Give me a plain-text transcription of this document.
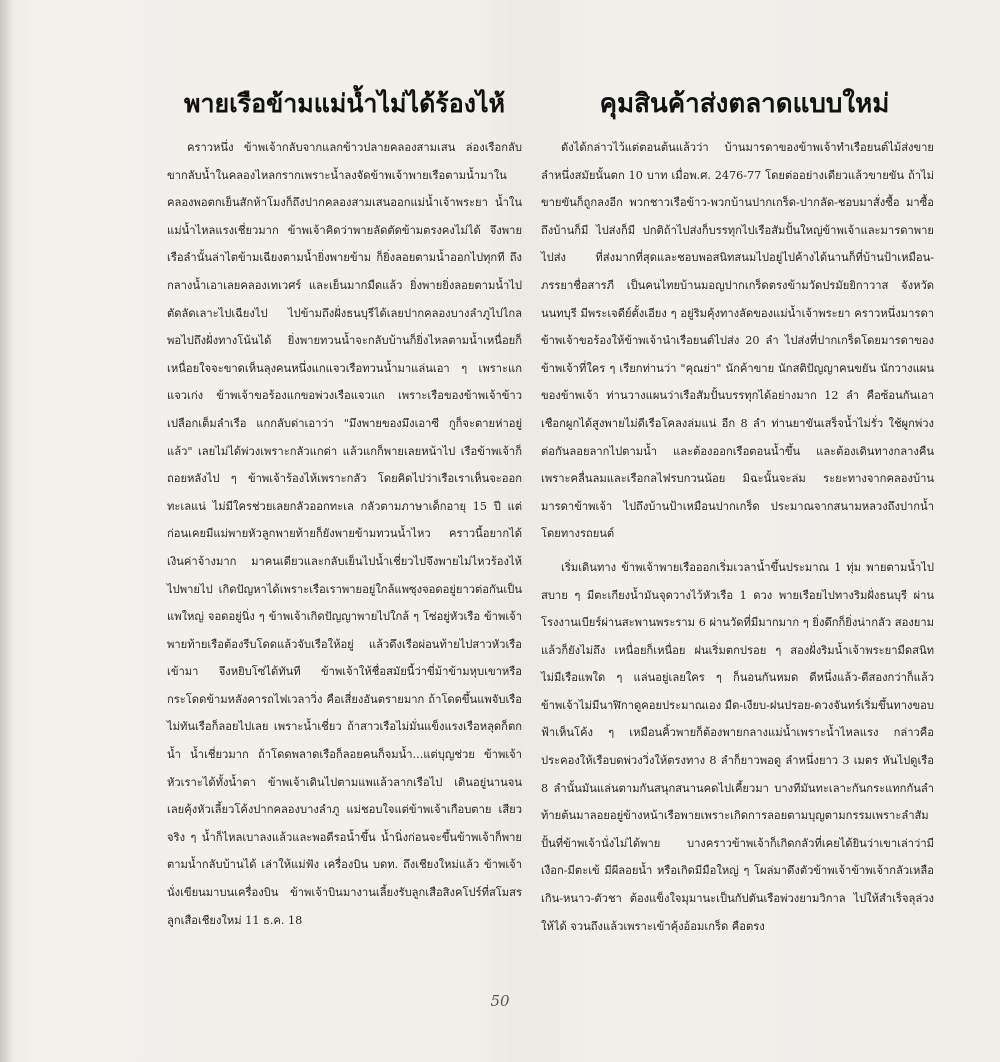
พายเรือข้ามแม่น้ำไม่ได้ร้องไห้

คราวหนึ่ง ข้าพเจ้ากลับจากแลกข้าวปลายคลองสามเสน ล่องเรือกลับขากลับน้ำในคลองไหลกรากเพราะน้ำลงจัดข้าพเจ้าพายเรือตามน้ำมาในคลองพอตกเย็นสักห้าโมงก็ถึงปากคลองสามเสนออกแม่น้ำเจ้าพระยา น้ำในแม่น้ำไหลแรงเชี่ยวมาก ข้าพเจ้าคิดว่าพายลัดตัดข้ามตรงคงไม่ได้ จึงพายเรือลำนั้นล่าไตข้ามเฉียงตามน้ำยิ่งพายข้าม ก็ยิ่งลอยตามน้ำออกไปทุกที ถึงกลางน้ำเอาเลยคลองเทเวศร์ และเย็นมากมืดแล้ว ยิ่งพายยิ่งลอยตามน้ำไปตัดลัดเลาะไปเฉียงไป ไปข้ามถึงฝั่งธนบุรีได้เลยปากคลองบางลำภูไปไกล พอไปถึงฝั่งทางโน้นได้ ยิ่งพายทวนน้ำจะกลับบ้านก็ยิ่งไหลตามน้ำเหนื่อยก็เหนื่อยใจจะขาดเห็นลุงคนหนึ่งแกแจวเรือทวนน้ำมาแล่นเอา ๆ เพราะแกแจวเก่ง ข้าพเจ้าขอร้องแกขอพ่วงเรือแจวแก เพราะเรือของข้าพเจ้าข้าวเปลือกเต็มลำเรือ แกกลับด่าเอาว่า "มึงพายของมึงเอาซี กูก็จะตายห่าอยู่แล้ว" เลยไม่ได้พ่วงเพราะกลัวแกด่า แล้วแกก็พายเลยหน้าไป เรือข้าพเจ้าก็ถอยหลังไป ๆ ข้าพเจ้าร้องไห้เพราะกลัว โดยคิดไปว่าเรือเราเห็นจะออกทะเลแน่ ไม่มีใครช่วยเลยกลัวออกทะเล กลัวตามภาษาเด็กอายุ 15 ปี แต่ก่อนเคยมีแม่พายหัวลูกพายท้ายก็ยังพายข้ามทวนน้ำไหว คราวนี้อยากได้เงินค่าจ้างมาก มาคนเดียวและกลับเย็นไปน้ำเชี่ยวไปจึงพายไม่ไหวร้องไห้ไปพายไป เกิดปัญหาได้เพราะเรือเราพายอยู่ใกล้แพซุงจอดอยู่ยาวต่อกันเป็นแพใหญ่ จอดอยู่นิ่ง ๆ ข้าพเจ้าเกิดปัญญาพายไปใกล้ ๆ โซ่อยู่หัวเรือ ข้าพเจ้าพายท้ายเรือต้องรีบโดดแล้วจับเรือให้อยู่ แล้วดึงเรือผ่อนท้ายไปสาวหัวเรือเข้ามา จึงหยิบโซ่ได้ทันที ข้าพเจ้าให้ชื่อสมัยนี้ว่าขี่ม้าข้ามหุบเขาหรือกระโดดข้ามหลังคารถไฟเวลาวิ่ง คือเสี่ยงอันตรายมาก ถ้าโดดขึ้นแพจับเรือไม่ทันเรือก็ลอยไปเลย เพราะน้ำเชี่ยว ถ้าสาวเรือไม่มั่นแข็งแรงเรือหลุดก็ตกน้ำ น้ำเชี่ยวมาก ถ้าโดดพลาดเรือก็ลอยคนก็จมน้ำ...แต่บุญช่วย ข้าพเจ้าหัวเราะได้ทั้งน้ำตา ข้าพเจ้าเดินไปตามแพแล้วลากเรือไป เดินอยู่นานจนเลยคุ้งหัวเลี้ยวโค้งปากคลองบางลำภู แม่ชอบใจแต่ข้าพเจ้าเกือบตาย เสียวจริง ๆ น้ำก็ไหลเบาลงแล้วและพอดีรอน้ำขึ้น น้ำนิ่งก่อนจะขึ้นข้าพเจ้าก็พายตามน้ำกลับบ้านได้ เล่าให้แม่ฟัง เครื่องบิน บดท. ถึงเชียงใหม่แล้ว ข้าพเจ้านั่งเขียนมาบนเครื่องบิน ข้าพเจ้าบินมางานเลี้ยงรับลูกเสือสิงคโปร์ที่สโมสรลูกเสือเชียงใหม่ 11 ธ.ค. 18

คุมสินค้าส่งตลาดแบบใหม่

ดังได้กล่าวไว้แต่ตอนต้นแล้วว่า บ้านมารดาของข้าพเจ้าทำเรือยนต์ไม้ส่งขาย ลำหนึ่งสมัยนั้นตก 10 บาท เมื่อพ.ศ. 2476-77 โดยต่ออย่างเดียวแล้วขายขัน ถ้าไม่ขายขันก็ถูกลงอีก พวกชาวเรือข้าว-พวกบ้านปากเกร็ด-ปากลัด-ชอบมาสั่งซื้อ มาซื้อถึงบ้านก็มี ไปส่งก็มี ปกติถ้าไปส่งก็บรรทุกไปเรือสัมปั้นใหญ่ข้าพเจ้าและมารดาพายไปส่ง ที่ส่งมากที่สุดและชอบพอสนิทสนมไปอยู่ไปค้างได้นานก็ที่บ้านป้าเหมือน-ภรรยาชื่อสารภี เป็นคนไทยบ้านมอญปากเกร็ดตรงข้ามวัดปรมัยยิกาวาส จังหวัดนนทบุรี มีพระเจดีย์ตั้งเอียง ๆ อยู่ริมคุ้งทางลัดของแม่น้ำเจ้าพระยา คราวหนึ่งมารดาข้าพเจ้าขอร้องให้ข้าพเจ้านำเรือยนต์ไปส่ง 20 ลำ ไปส่งที่ปากเกร็ดโดยมารดาของข้าพเจ้าที่ใคร ๆ เรียกท่านว่า "คุณย่า" นักค้าขาย นักสติปัญญาคนขยัน นักวางแผนของข้าพเจ้า ท่านวางแผนว่าเรือสัมปั้นบรรทุกได้อย่างมาก 12 ลำ คือซ้อนกันเอาเชือกผูกได้สูงพายไม่ดีเรือโคลงล่มแน่ อีก 8 ลำ ท่านยาขันเสร็จน้ำไม่รั่ว ใช้ผูกพ่วงต่อกันลอยลากไปตามน้ำ และต้องออกเรือตอนน้ำขึ้น และต้องเดินทางกลางคืนเพราะคลื่นลมและเรือกลไฟรบกวนน้อย มิฉะนั้นจะล่ม ระยะทางจากคลองบ้านมารดาข้าพเจ้า ไปถึงบ้านป้าเหมือนปากเกร็ด ประมาณจากสนามหลวงถึงปากน้ำโดยทางรถยนต์

เริ่มเดินทาง ข้าพเจ้าพายเรือออกเริ่มเวลาน้ำขึ้นประมาณ 1 ทุ่ม พายตามน้ำไปสบาย ๆ มีตะเกียงน้ำมันจุดวางไว้หัวเรือ 1 ดวง พายเรือยไปทางริมฝั่งธนบุรี ผ่านโรงงานเบียร์ผ่านสะพานพระราม 6 ผ่านวัดที่มีมากมาก ๆ ยิ่งดึกก็ยิ่งน่ากลัว สองยามแล้วก็ยังไม่ถึง เหนื่อยก็เหนื่อย ฝนเริ่มตกปรอย ๆ สองฝั่งริมน้ำเจ้าพระยามืดสนิท ไม่มีเรือแพใด ๆ แล่นอยู่เลยใคร ๆ ก็นอนกันหมด ดีหนึ่งแล้ว-ดีสองกว่าก็แล้ว ข้าพเจ้าไม่มีนาฬิกาดูคอยประมาณเอง มืด-เงียบ-ฝนปรอย-ดวงจันทร์เริ่มขึ้นทางขอบฟ้าเห็นโค้ง ๆ เหมือนคิ้วพายก็ต้องพายกลางแม่น้ำเพราะน้ำไหลแรง กล่าวคือประคองให้เรือบดพ่วงวิ่งให้ตรงทาง 8 ลำก็ยาวพอดู ลำหนึ่งยาว 3 เมตร หันไปดูเรือ 8 ลำนั้นมันแล่นตามกันสนุกสนานคดไปเคี้ยวมา บางทีมันทะเลาะกันกระแทกกันลำท้ายต้นมาลอยอยู่ข้างหน้าเรือพายเพราะเกิดการลอยตามบุญตามกรรมเพราะลำสัมปั้นที่ข้าพเจ้านั่งไม่ได้พาย บางคราวข้าพเจ้าก็เกิดกลัวที่เคยได้ยินว่าเขาเล่าว่ามีเงือก-มีตะเข้ มีผีลอยน้ำ หรือเกิดมีมือใหญ่ ๆ โผล่มาดึงตัวข้าพเจ้าข้าพเจ้ากลัวเหลือเกิน-หนาว-ตัวชา ต้องแข็งใจมุมานะเป็นกัปตันเรือพ่วงยามวิกาล ไปให้สำเร็จลุล่วงให้ได้ จวนถึงแล้วเพราะเข้าคุ้งอ้อมเกร็ด คือตรง

50
